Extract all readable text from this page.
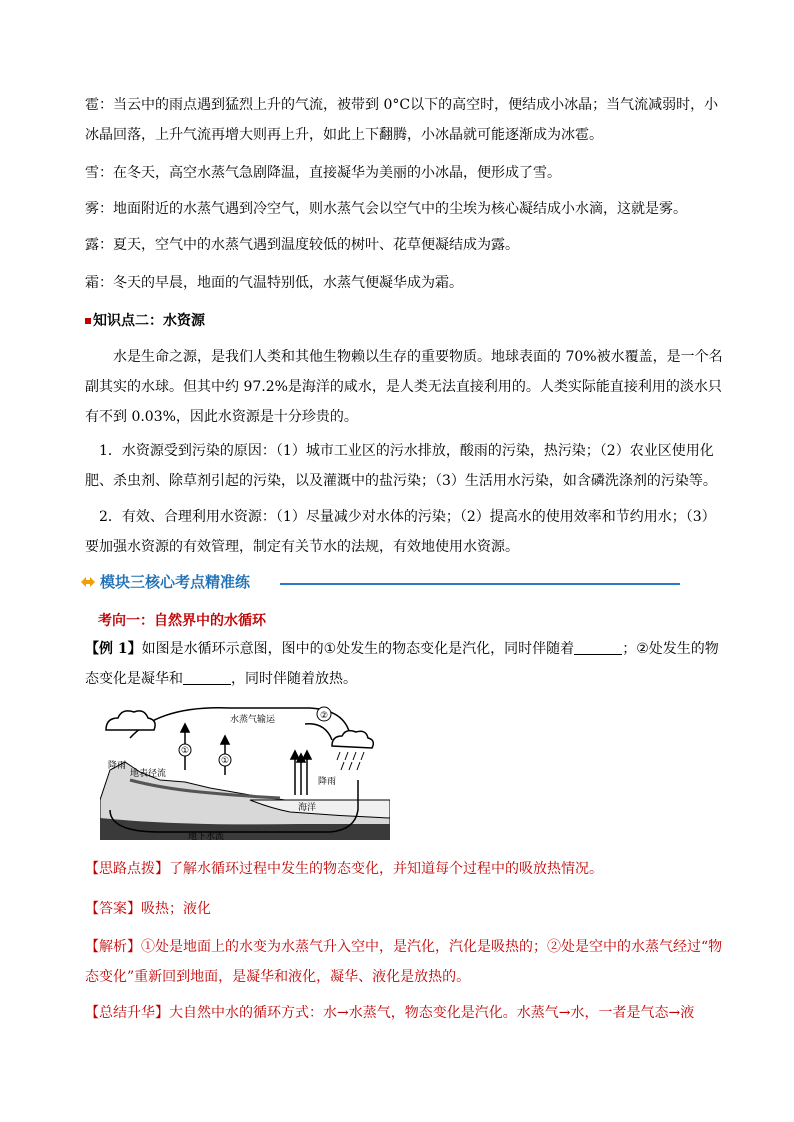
雹：当云中的雨点遇到猛烈上升的气流，被带到 0°C以下的高空时，便结成小冰晶；当气流减弱时，小冰晶回落，上升气流再增大则再上升，如此上下翻腾，小冰晶就可能逐渐成为冰雹。

雪：在冬天，高空水蒸气急剧降温，直接凝华为美丽的小冰晶，便形成了雪。

雾：地面附近的水蒸气遇到冷空气，则水蒸气会以空气中的尘埃为核心凝结成小水滴，这就是雾。

露：夏天，空气中的水蒸气遇到温度较低的树叶、花草便凝结成为露。

霜：冬天的早晨，地面的气温特别低，水蒸气便凝华成为霜。

知识点二：水资源

水是生命之源，是我们人类和其他生物赖以生存的重要物质。地球表面的 70%被水覆盖，是一个名副其实的水球。但其中约 97.2%是海洋的咸水，是人类无法直接利用的。人类实际能直接利用的淡水只有不到 0.03%，因此水资源是十分珍贵的。

1．水资源受到污染的原因：（1）城市工业区的污水排放，酸雨的污染，热污染；（2）农业区使用化肥、杀虫剂、除草剂引起的污染，以及灌溉中的盐污染；（3）生活用水污染，如含磷洗涤剂的污染等。

2．有效、合理利用水资源：（1）尽量减少对水体的污染；（2）提高水的使用效率和节约用水；（3）要加强水资源的有效管理，制定有关节水的法规，有效地使用水资源。

模块三核心考点精准练
考向一：自然界中的水循环

【例 1】如图是水循环示意图，图中的①处发生的物态变化是汽化，同时伴随着	；②处发生的物态变化是凝华和	，同时伴随着放热。

水蒸气输运	②
①
①
降雨
地表径流
降雨
海洋
地下水流

【思路点拨】了解水循环过程中发生的物态变化，并知道每个过程中的吸放热情况。

【答案】吸热；液化

【解析】①处是地面上的水变为水蒸气升入空中，是汽化，汽化是吸热的；②处是空中的水蒸气经过“物态变化”重新回到地面，是凝华和液化，凝华、液化是放热的。

【总结升华】大自然中水的循环方式：水→水蒸气，物态变化是汽化。水蒸气→水，一者是气态→液
